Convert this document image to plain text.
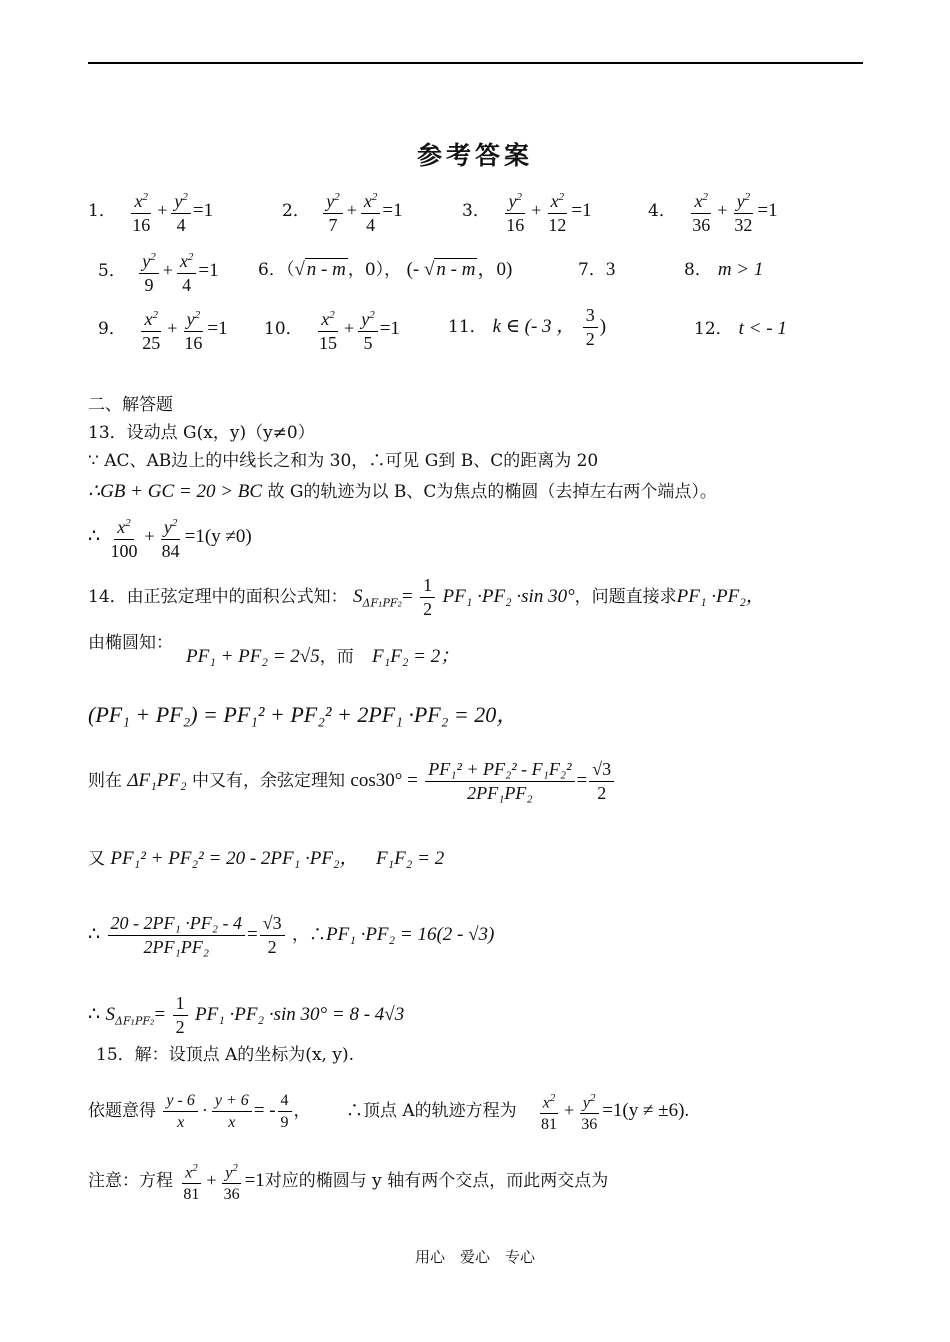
参考答案
1． $\frac{x^2}{16} + \frac{y^2}{4} =1$	2． $\frac{y^2}{7} + \frac{x^2}{4} =1$	3． $\frac{y^2}{16} + \frac{x^2}{12} =1$	4． $\frac{x^2}{36} + \frac{y^2}{32} =1$
5． $\frac{y^2}{9} + \frac{x^2}{4} =1$ 6．（√ n - m ，0）， (- √ n - m ，0)	7．3	8． m > 1
9． $\frac{x^2}{25} + \frac{y^2}{16} =1$ 10． $\frac{x^2}{15} + \frac{y^2}{5} =1$	11． k ∈ (- 3 ， $\frac{3}{2}$ )	12． t < - 1
二、解答题
13．设动点 G(x，y)（y≠0）
∵ AC、AB边上的中线长之和为 30，∴可见 G到 B、C的距离为 20
∴GB + GC = 20 > BC 故 G的轨迹为以 B、C为焦点的椭圆（去掉左右两个端点）。
∴ $\frac{x^2}{100} + \frac{y^2}{84} =1(y \ne 0)$
14．由正弦定理中的面积公式知： $S_{\Delta F_1PF_2}= \frac{1}{2} PF_1 \cdot PF_2 \cdot\sin$ 30°，问题直接求PF₁ ·PF₂，
由椭圆知：
PF₁ + PF₂ = 2√5，而 F₁F₂ = 2；
(PF₁ + PF₂) = PF₁² + PF₂² + 2PF₁ ·PF₂ = 20，
则在 ΔF₁PF₂ 中又有，余弦定理知 $\cos 30^\circ = \frac{\text{PF₁² + PF₂² - F₁F₂²}}{\text{2PF₁PF₂}} = \frac{√3}{2}$
又 PF₁² + PF₂² = 20 - 2PF₁ ·PF₂， F₁F₂ = 2
∴ $\frac{\text{20 - 2PF₁ ·PF₂ - 4}}{\text{2PF₁PF₂}} = \frac{√3}{2}$ ，∴PF₁ ·PF₂ = 16(2 - √3)
∴ $S_{\Delta F_1PF_2}= \frac{1}{2} PF_1 \cdot PF_2 \cdot\sin$ 30° = 8 - 4√3
15．解：设顶点 A的坐标为(x, y).
依题意得 $\frac{y - 6}{x} \cdot \frac{y + 6}{x}$ = - $\frac{4}{9}$ ， ∴顶点 A的轨迹方程为 $\frac{x^2}{81} + \frac{y^2}{36} =1(y \ne \pm 6)$.
注意：方程 $\frac{x^2}{81} + \frac{y^2}{36} =1$对应的椭圆与 y 轴有两个交点，而此两交点为
用心　爱心　专心
